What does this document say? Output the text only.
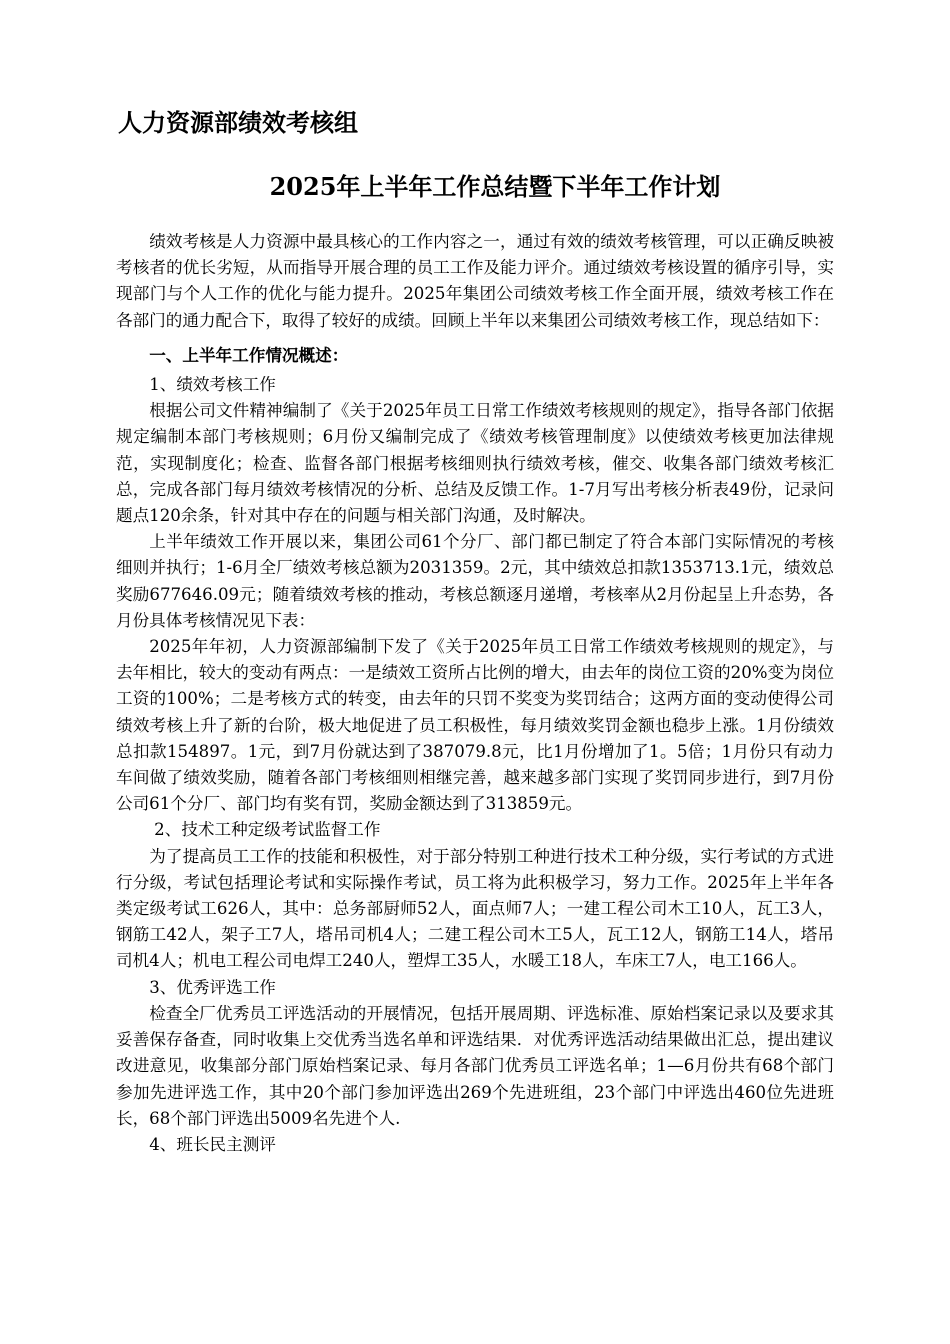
人力资源部绩效考核组
2025年上半年工作总结暨下半年工作计划

绩效考核是人力资源中最具核心的工作内容之一，通过有效的绩效考核管理，可以正确反映被考核者的优长劣短，从而指导开展合理的员工工作及能力评介。通过绩效考核设置的循序引导，实现部门与个人工作的优化与能力提升。2025年集团公司绩效考核工作全面开展，绩效考核工作在各部门的通力配合下，取得了较好的成绩。回顾上半年以来集团公司绩效考核工作，现总结如下：

一、上半年工作情况概述：

1、绩效考核工作

根据公司文件精神编制了《关于2025年员工日常工作绩效考核规则的规定》，指导各部门依据规定编制本部门考核规则；6月份又编制完成了《绩效考核管理制度》以使绩效考核更加法律规范，实现制度化；检查、监督各部门根据考核细则执行绩效考核，催交、收集各部门绩效考核汇总，完成各部门每月绩效考核情况的分析、总结及反馈工作。1-7月写出考核分析表49份，记录问题点120余条，针对其中存在的问题与相关部门沟通，及时解决。

上半年绩效工作开展以来，集团公司61个分厂、部门都已制定了符合本部门实际情况的考核细则并执行；1-6月全厂绩效考核总额为2031359。2元，其中绩效总扣款1353713.1元，绩效总奖励677646.09元；随着绩效考核的推动，考核总额逐月递增，考核率从2月份起呈上升态势，各月份具体考核情况见下表：

2025年年初，人力资源部编制下发了《关于2025年员工日常工作绩效考核规则的规定》，与去年相比，较大的变动有两点：一是绩效工资所占比例的增大，由去年的岗位工资的20%变为岗位工资的100%；二是考核方式的转变，由去年的只罚不奖变为奖罚结合；这两方面的变动使得公司绩效考核上升了新的台阶，极大地促进了员工积极性，每月绩效奖罚金额也稳步上涨。1月份绩效总扣款154897。1元，到7月份就达到了387079.8元，比1月份增加了1。5倍；1月份只有动力车间做了绩效奖励，随着各部门考核细则相继完善，越来越多部门实现了奖罚同步进行，到7月份公司61个分厂、部门均有奖有罚，奖励金额达到了313859元。

2、技术工种定级考试监督工作

为了提高员工工作的技能和积极性，对于部分特别工种进行技术工种分级，实行考试的方式进行分级，考试包括理论考试和实际操作考试，员工将为此积极学习，努力工作。2025年上半年各类定级考试工626人，其中：总务部厨师52人，面点师7人；一建工程公司木工10人，瓦工3人，钢筋工42人，架子工7人，塔吊司机4人；二建工程公司木工5人，瓦工12人，钢筋工14人，塔吊司机4人；机电工程公司电焊工240人，塑焊工35人，水暖工18人，车床工7人，电工166人。

3、优秀评选工作

检查全厂优秀员工评选活动的开展情况，包括开展周期、评选标准、原始档案记录以及要求其妥善保存备查，同时收集上交优秀当选名单和评选结果．对优秀评选活动结果做出汇总，提出建议改进意见，收集部分部门原始档案记录、每月各部门优秀员工评选名单；1—6月份共有68个部门参加先进评选工作，其中20个部门参加评选出269个先进班组，23个部门中评选出460位先进班长，68个部门评选出5009名先进个人.

4、班长民主测评
